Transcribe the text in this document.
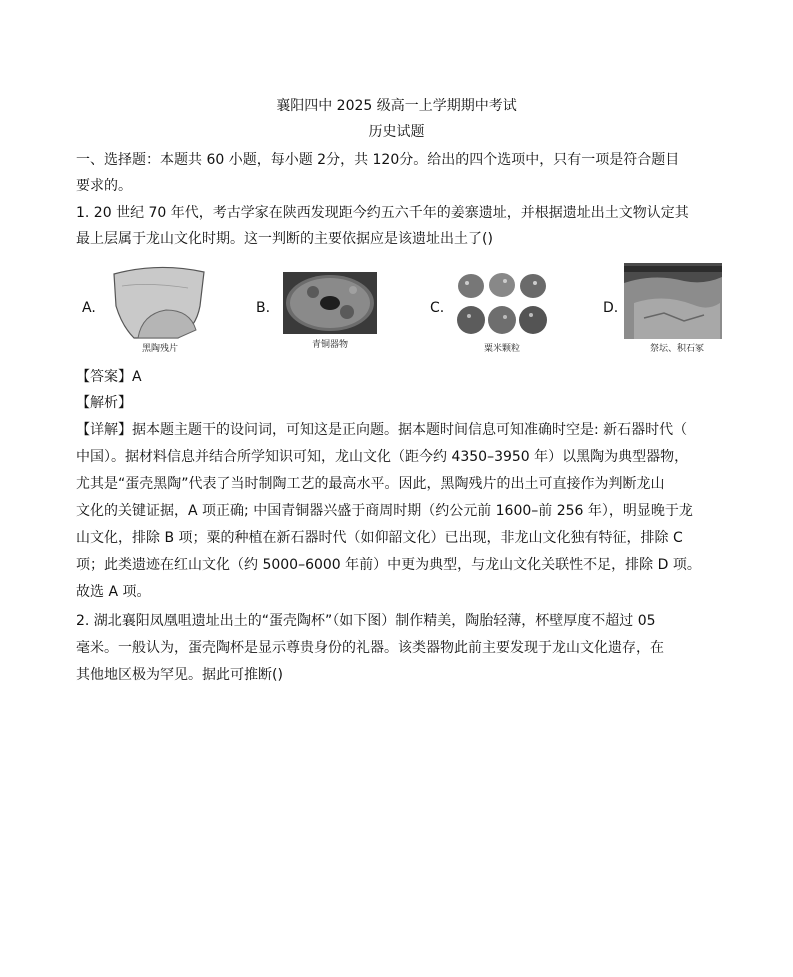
襄阳四中 2025 级高一上学期期中考试
历史试题
一、选择题：本题共 60 小题，每小题 2分，共 120分。给出的四个选项中，只有一项是符合题目
要求的。
1. 20 世纪 70 年代，考古学家在陕西发现距今约五六千年的姜寨遗址，并根据遗址出土文物认定其
最上层属于龙山文化时期。这一判断的主要依据应是该遗址出土了()
A.
黑陶残片
B.
青铜器物
C.
粟米颗粒
D.
祭坛、积石冢
【答案】A
【解析】
【详解】据本题主题干的设问词，可知这是正向题。据本题时间信息可知准确时空是: 新石器时代（
中国）。据材料信息并结合所学知识可知，龙山文化（距今约 4350–3950 年）以黑陶为典型器物，
尤其是“蛋壳黑陶”代表了当时制陶工艺的最高水平。因此，黑陶残片的出土可直接作为判断龙山
文化的关键证据，A 项正确; 中国青铜器兴盛于商周时期（约公元前 1600–前 256 年），明显晚于龙
山文化，排除 B 项；粟的种植在新石器时代（如仰韶文化）已出现，非龙山文化独有特征，排除 C
项；此类遗迹在红山文化（约 5000–6000 年前）中更为典型，与龙山文化关联性不足，排除 D 项。
故选 A 项。
2. 湖北襄阳凤凰咀遗址出土的“蛋壳陶杯”（如下图）制作精美，陶胎轻薄，杯壁厚度不超过 05
毫米。一般认为，蛋壳陶杯是显示尊贵身份的礼器。该类器物此前主要发现于龙山文化遗存，在
其他地区极为罕见。据此可推断()
